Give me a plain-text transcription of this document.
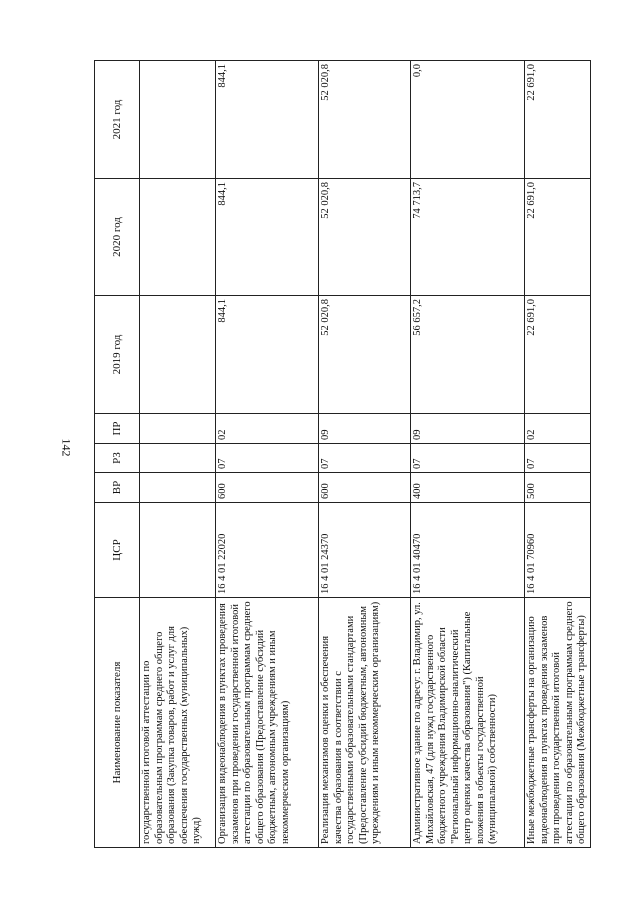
142
Наименование показателя	ЦСР	ВР	РЗ	ПР	2019 год	2020 год	2021 год
государственной итоговой аттестации по образовательным программам среднего общего образования (Закупка товаров, работ и услуг для обеспечения государственных (муниципальных) нужд)							
Организация видеонаблюдения в пунктах проведения экзаменов при проведении государственной итоговой аттестации по образовательным программам среднего общего образования (Предоставление субсидий бюджетным, автономным учреждениям и иным некоммерческим организациям)	16 4 01 22020	600	07	02	844,1	844,1	844,1
Реализация механизмов оценки и обеспечения качества образования в соответствии с государственными образовательными стандартами (Предоставление субсидий бюджетным, автономным учреждениям и иным некоммерческим организациям)	16 4 01 24370	600	07	09	52 020,8	52 020,8	52 020,8
Административное здание по адресу: г. Владимир, ул. Михайловская, 47 (для нужд государственного бюджетного учреждения Владимирской области "Региональный информационно-аналитический центр оценки качества образования") (Капитальные вложения в объекты государственной (муниципальной) собственности)	16 4 01 40470	400	07	09	56 657,2	74 713,7	0,0
Иные межбюджетные трансферты на организацию видеонаблюдения в пунктах проведения экзаменов при проведении государственной итоговой аттестации по образовательным программам среднего общего образования (Межбюджетные трансферты)	16 4 01 70960	500	07	02	22 691,0	22 691,0	22 691,0
